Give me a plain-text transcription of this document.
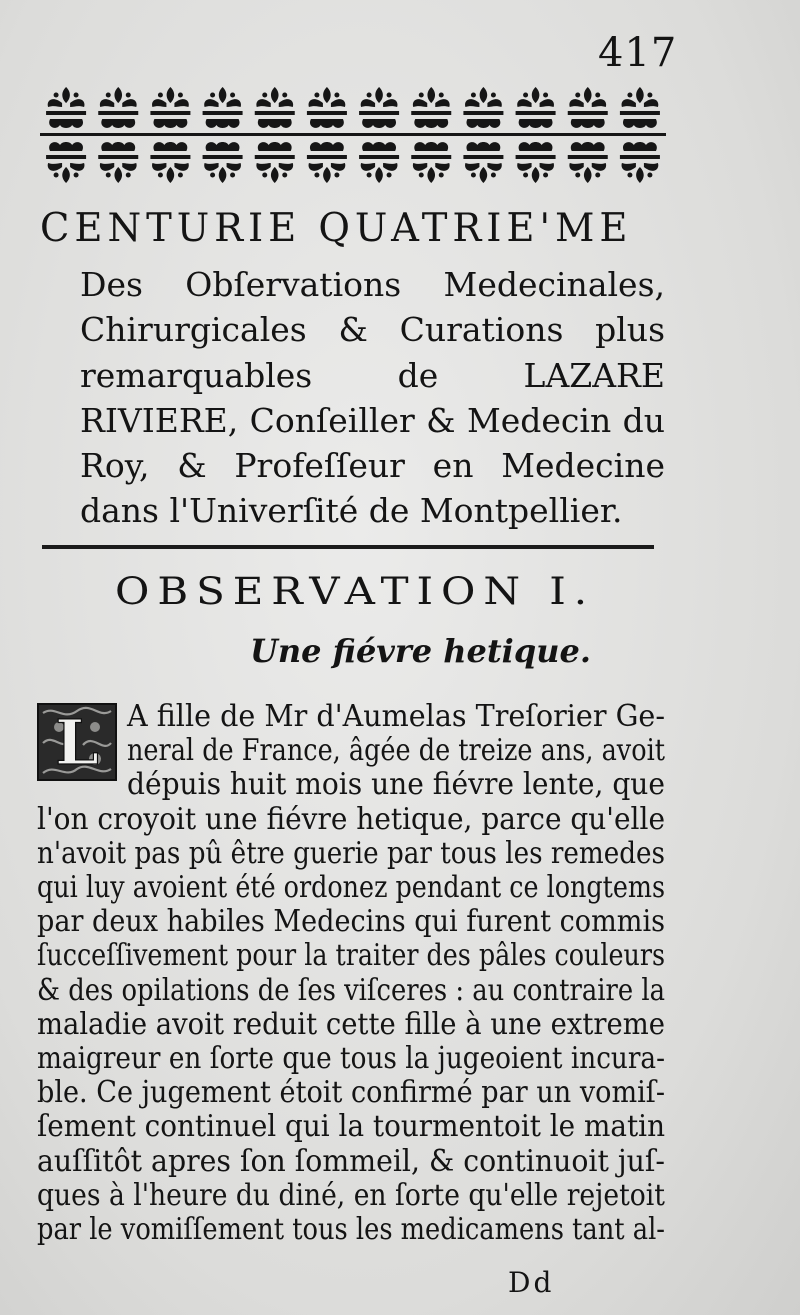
417
CENTURIE QUATRIE'ME

Des Obſervations Medecinales, Chirurgicales & Curations plus remarquables de LAZARE RIVIERE, Conſeiller & Medecin du Roy, & Profeſſeur en Medecine dans l'Univerſité de Montpellier.

OBSERVATION I.
Une fiévre hetique.
L A fille de Mr d'Aumelas Treſorier Ge-

neral de France, âgée de treize ans, avoit

dépuis huit mois une fiévre lente, que

l'on croyoit une fiévre hetique, parce qu'elle

n'avoit pas pû être guerie par tous les remedes

qui luy avoient été ordonez pendant ce longtems

par deux habiles Medecins qui furent commis

ſucceſſivement pour la traiter des pâles couleurs

& des opilations de ſes viſceres : au contraire la

maladie avoit reduit cette fille à une extreme

maigreur en ſorte que tous la jugeoient incura-

ble. Ce jugement étoit confirmé par un vomiſ-

ſement continuel qui la tourmentoit le matin

auſſitôt apres ſon ſommeil, & continuoit juſ-

ques à l'heure du diné, en ſorte qu'elle rejetoit

par le vomiſſement tous les medicamens tant al-

Dd
